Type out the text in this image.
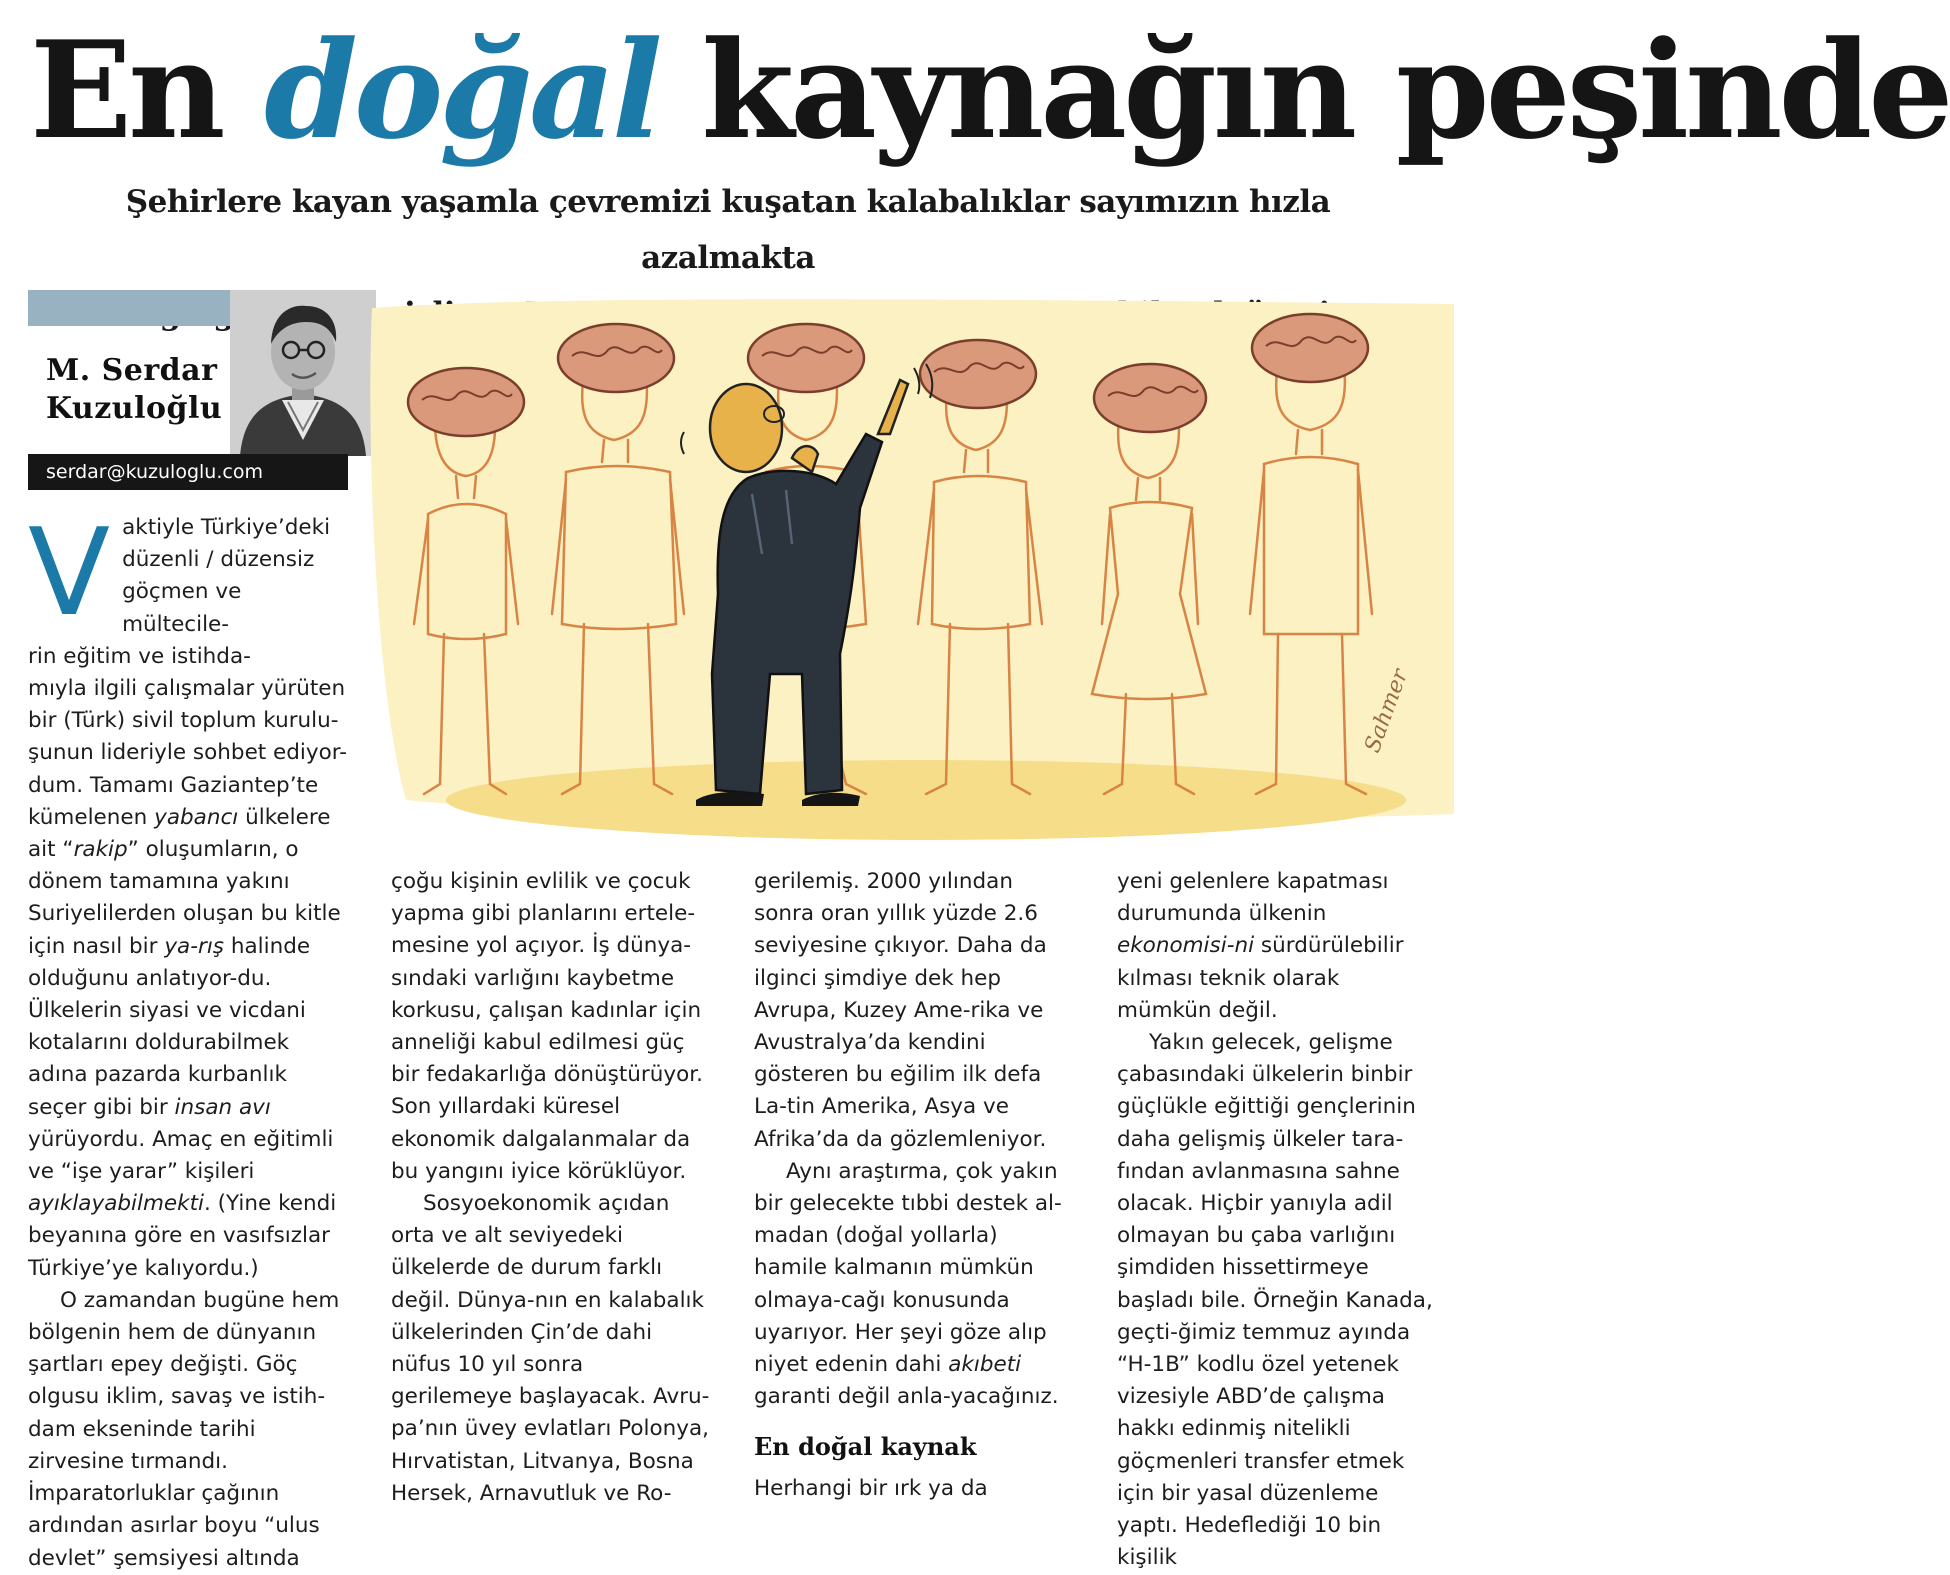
En doğal kaynağın peşinde
Şehirlere kayan yaşamla çevremizi kuşatan kalabalıklar sayımızın hızla azalmakta
M. Serdar
Kuzuloğlu
serdar@kuzuloglu.com
Sahmer
V aktiyle Türkiye’deki
düzenli / düzensiz
göçmen ve mültecile-
rin eğitim ve istihda-

mıyla ilgili çalışmalar yürüten bir (Türk) sivil toplum kurulu-şunun lideriyle sohbet ediyor-dum. Tamamı Gaziantep’te kümelenen yabancı ülkelere ait “rakip” oluşumların, o dönem tamamına yakını Suriyelilerden oluşan bu kitle için nasıl bir ya-rış halinde olduğunu anlatıyor-du. Ülkelerin siyasi ve vicdani kotalarını doldurabilmek adına pazarda kurbanlık seçer gibi bir insan avı yürüyordu. Amaç en eğitimli ve “işe yarar” kişileri ayıklayabilmekti. (Yine kendi beyanına göre en vasıfsızlar Türkiye’ye kalıyordu.)

O zamandan bugüne hem bölgenin hem de dünyanın şartları epey değişti. Göç olgusu iklim, savaş ve istih-dam ekseninde tarihi zirvesine tırmandı. İmparatorluklar çağının ardından asırlar boyu “ulus devlet” şemsiyesi altında

çoğu kişinin evlilik ve çocuk yapma gibi planlarını ertele-mesine yol açıyor. İş dünya-sındaki varlığını kaybetme korkusu, çalışan kadınlar için anneliği kabul edilmesi güç bir fedakarlığa dönüştürüyor. Son yıllardaki küresel ekonomik dalgalanmalar da bu yangını iyice körüklüyor.

Sosyoekonomik açıdan orta ve alt seviyedeki ülkelerde de durum farklı değil. Dünya-nın en kalabalık ülkelerinden Çin’de dahi nüfus 10 yıl sonra gerilemeye başlayacak. Avru-pa’nın üvey evlatları Polonya, Hırvatistan, Litvanya, Bosna Hersek, Arnavutluk ve Ro-

gerilemiş. 2000 yılından sonra oran yıllık yüzde 2.6 seviyesine çıkıyor. Daha da ilginci şimdiye dek hep Avrupa, Kuzey Ame-rika ve Avustralya’da kendini gösteren bu eğilim ilk defa La-tin Amerika, Asya ve Afrika’da da gözlemleniyor.

Aynı araştırma, çok yakın bir gelecekte tıbbi destek al-madan (doğal yollarla) hamile kalmanın mümkün olmaya-cağı konusunda uyarıyor. Her şeyi göze alıp niyet edenin dahi akıbeti garanti değil anla-yacağınız.

En doğal kaynak

Herhangi bir ırk ya da

yeni gelenlere kapatması durumunda ülkenin ekonomisi-ni sürdürülebilir kılması teknik olarak mümkün değil.

Yakın gelecek, gelişme çabasındaki ülkelerin binbir güçlükle eğittiği gençlerinin daha gelişmiş ülkeler tara-fından avlanmasına sahne olacak. Hiçbir yanıyla adil olmayan bu çaba varlığını şimdiden hissettirmeye başladı bile. Örneğin Kanada, geçti-ğimiz temmuz ayında “H-1B” kodlu özel yetenek vizesiyle ABD’de çalışma hakkı edinmiş nitelikli göçmenleri transfer etmek için bir yasal düzenleme yaptı. Hedeflediği 10 bin kişilik
